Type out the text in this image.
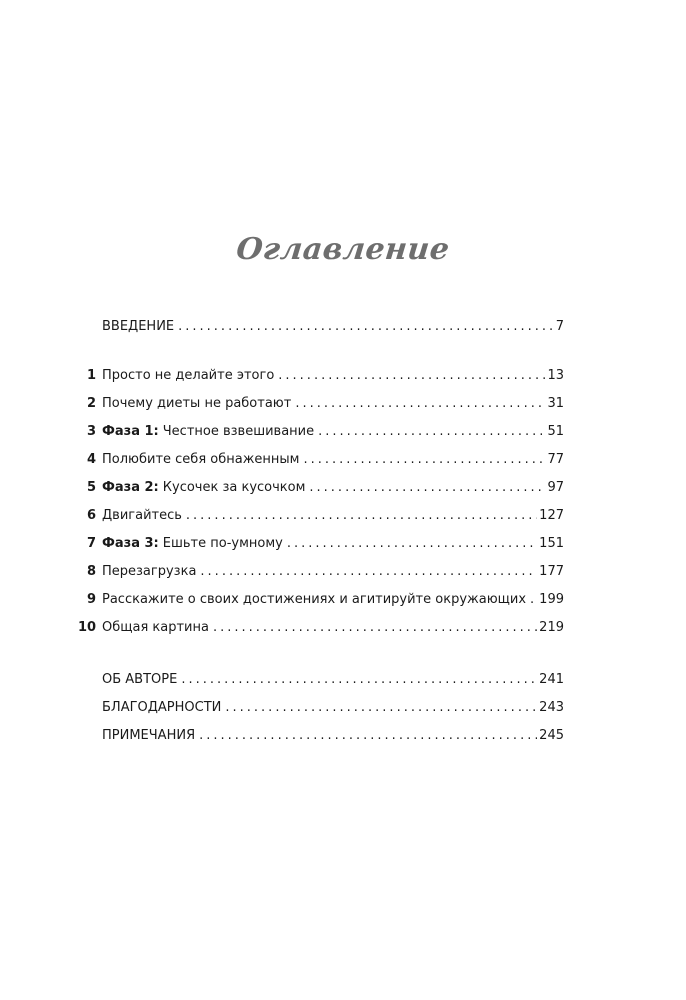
Оглавление
ВВЕДЕНИЕ .....	7
1 Просто не делайте этого .....	13
2 Почему диеты не работают .....	31
3 Фаза 1: Честное взвешивание .....	51
4 Полюбите себя обнаженным .....	77
5 Фаза 2: Кусочек за кусочком .....	97
6 Двигайтесь .....	127
7 Фаза 3: Ешьте по-умному .....	151
8 Перезагрузка .....	177
9 Расскажите о своих достижениях и агитируйте окружающих ..... 199
10 Общая картина .....	219
ОБ АВТОРЕ .....	241
БЛАГОДАРНОСТИ .....	243
ПРИМЕЧАНИЯ .....	245
